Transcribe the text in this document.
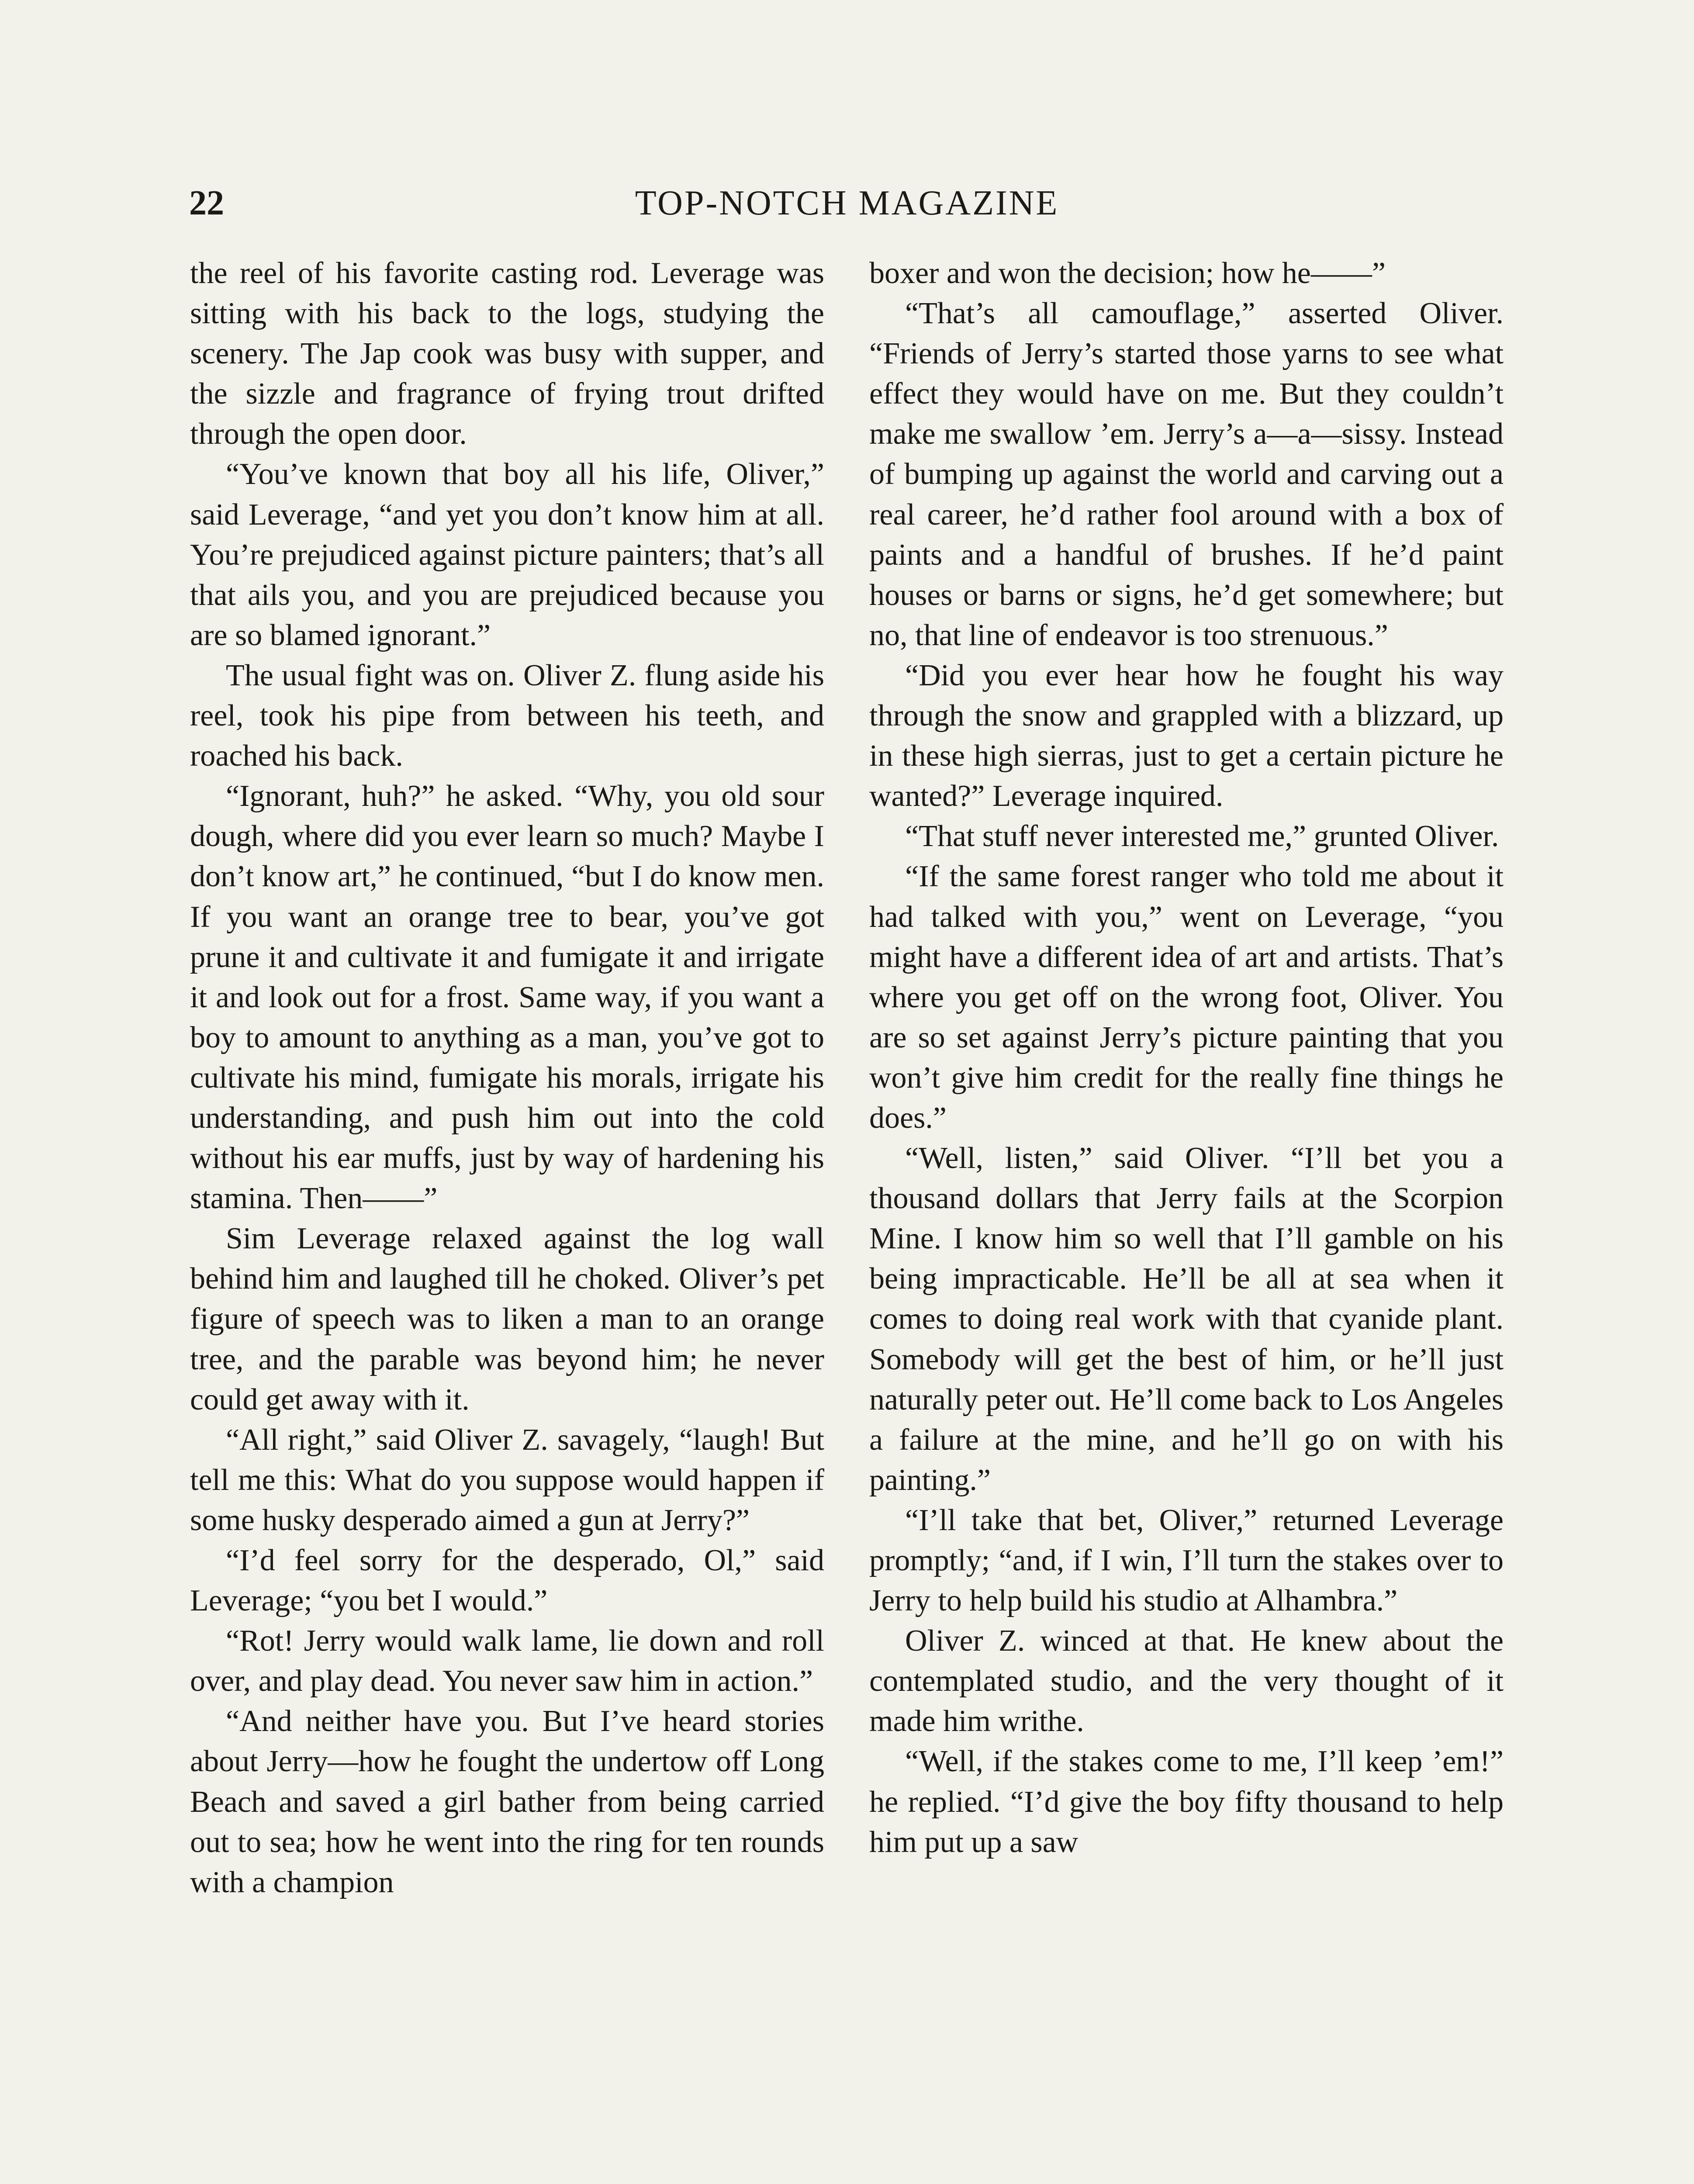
22	TOP-NOTCH MAGAZINE

the reel of his favorite casting rod. Leverage was sitting with his back to the logs, studying the scenery. The Jap cook was busy with supper, and the sizzle and fragrance of frying trout drifted through the open door.

“You’ve known that boy all his life, Oliver,” said Leverage, “and yet you don’t know him at all. You’re prejudiced against picture painters; that’s all that ails you, and you are prejudiced because you are so blamed ignorant.”

The usual fight was on. Oliver Z. flung aside his reel, took his pipe from between his teeth, and roached his back.

“Ignorant, huh?” he asked. “Why, you old sour dough, where did you ever learn so much? Maybe I don’t know art,” he continued, “but I do know men. If you want an orange tree to bear, you’ve got prune it and cultivate it and fumigate it and irrigate it and look out for a frost. Same way, if you want a boy to amount to anything as a man, you’ve got to cultivate his mind, fumigate his morals, irrigate his understanding, and push him out into the cold without his ear muffs, just by way of hardening his stamina. Then——”

Sim Leverage relaxed against the log wall behind him and laughed till he choked. Oliver’s pet figure of speech was to liken a man to an orange tree, and the parable was beyond him; he never could get away with it.

“All right,” said Oliver Z. savagely, “laugh! But tell me this: What do you suppose would happen if some husky desperado aimed a gun at Jerry?”

“I’d feel sorry for the desperado, Ol,” said Leverage; “you bet I would.”

“Rot! Jerry would walk lame, lie down and roll over, and play dead. You never saw him in action.”

“And neither have you. But I’ve heard stories about Jerry—how he fought the undertow off Long Beach and saved a girl bather from being carried out to sea; how he went into the ring for ten rounds with a champion

boxer and won the decision; how he——”

“That’s all camouflage,” asserted Oliver. “Friends of Jerry’s started those yarns to see what effect they would have on me. But they couldn’t make me swallow ’em. Jerry’s a—a—sissy. Instead of bumping up against the world and carving out a real career, he’d rather fool around with a box of paints and a handful of brushes. If he’d paint houses or barns or signs, he’d get somewhere; but no, that line of endeavor is too strenuous.”

“Did you ever hear how he fought his way through the snow and grappled with a blizzard, up in these high sierras, just to get a certain picture he wanted?” Leverage inquired.

“That stuff never interested me,” grunted Oliver.

“If the same forest ranger who told me about it had talked with you,” went on Leverage, “you might have a different idea of art and artists. That’s where you get off on the wrong foot, Oliver. You are so set against Jerry’s picture painting that you won’t give him credit for the really fine things he does.”

“Well, listen,” said Oliver. “I’ll bet you a thousand dollars that Jerry fails at the Scorpion Mine. I know him so well that I’ll gamble on his being impracticable. He’ll be all at sea when it comes to doing real work with that cyanide plant. Somebody will get the best of him, or he’ll just naturally peter out. He’ll come back to Los Angeles a failure at the mine, and he’ll go on with his painting.”

“I’ll take that bet, Oliver,” returned Leverage promptly; “and, if I win, I’ll turn the stakes over to Jerry to help build his studio at Alhambra.”

Oliver Z. winced at that. He knew about the contemplated studio, and the very thought of it made him writhe.

“Well, if the stakes come to me, I’ll keep ’em!” he replied. “I’d give the boy fifty thousand to help him put up a saw
